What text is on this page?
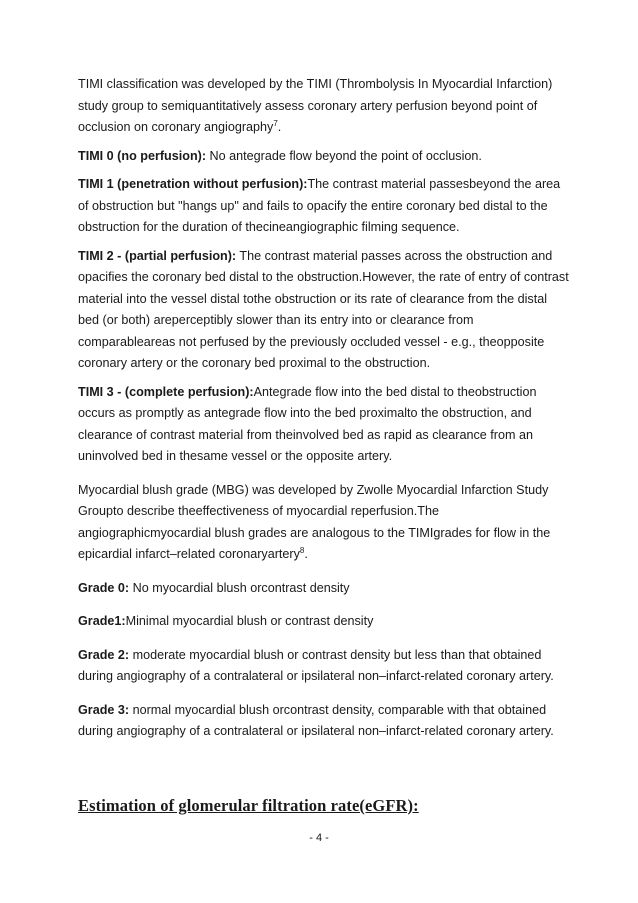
TIMI classification was developed by the TIMI (Thrombolysis In Myocardial Infarction) study group to semiquantitatively assess coronary artery perfusion beyond point of occlusion on coronary angiography$^7$.

TIMI 0 (no perfusion): No antegrade flow beyond the point of occlusion.

TIMI 1 (penetration without perfusion):The contrast material passesbeyond the area of obstruction but "hangs up" and fails to opacify the entire coronary bed distal to the obstruction for the duration of thecineangiographic filming sequence.

TIMI 2 - (partial perfusion): The contrast material passes across the obstruction and opacifies the coronary bed distal to the obstruction.However, the rate of entry of contrast material into the vessel distal tothe obstruction or its rate of clearance from the distal bed (or both) areperceptibly slower than its entry into or clearance from comparableareas not perfused by the previously occluded vessel - e.g., theopposite coronary artery or the coronary bed proximal to the obstruction.

TIMI 3 - (complete perfusion):Antegrade flow into the bed distal to theobstruction occurs as promptly as antegrade flow into the bed proximalto the obstruction, and clearance of contrast material from theinvolved bed as rapid as clearance from an uninvolved bed in thesame vessel or the opposite artery.

Myocardial blush grade (MBG) was developed by Zwolle Myocardial Infarction Study Groupto describe theeffectiveness of myocardial reperfusion.The angiographicmyocardial blush grades are analogous to the TIMIgrades for flow in the epicardial infarct–related coronaryartery$^8$.

Grade 0: No myocardial blush orcontrast density

Grade1:Minimal myocardial blush or contrast density

Grade 2: moderate myocardial blush or contrast density but less than that obtained during angiography of a contralateral or ipsilateral non–infarct-related coronary artery.

Grade 3: normal myocardial blush orcontrast density, comparable with that obtained during angiography of a contralateral or ipsilateral non–infarct-related coronary artery.

Estimation of glomerular filtration rate(eGFR):
- 4 -
